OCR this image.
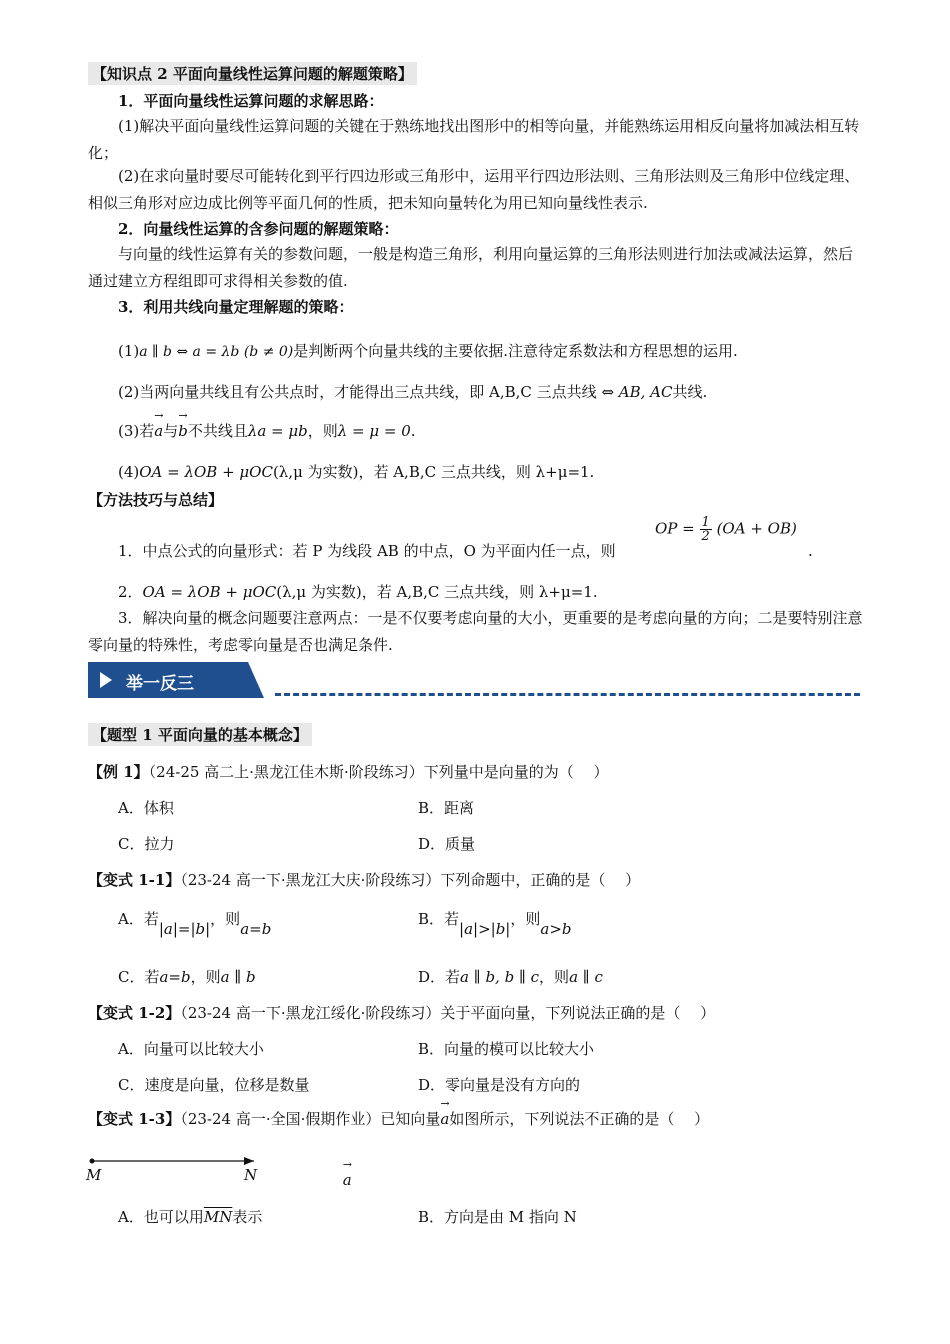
【知识点 2 平面向量线性运算问题的解题策略】
1．平面向量线性运算问题的求解思路：
(1)解决平面向量线性运算问题的关键在于熟练地找出图形中的相等向量，并能熟练运用相反向量将加减法相互转化；
(2)在求向量时要尽可能转化到平行四边形或三角形中，运用平行四边形法则、三角形法则及三角形中位线定理、相似三角形对应边成比例等平面几何的性质，把未知向量转化为用已知向量线性表示.
2．向量线性运算的含参问题的解题策略：
与向量的线性运算有关的参数问题，一般是构造三角形，利用向量运算的三角形法则进行加法或减法运算，然后通过建立方程组即可求得相关参数的值.
3．利用共线向量定理解题的策略：
(1)a ∥ b ⇔ a = λb (b ≠ 0)是判断两个向量共线的主要依据.注意待定系数法和方程思想的运用.
(2)当两向量共线且有公共点时，才能得出三点共线，即 A,B,C 三点共线 ⇔ AB, AC共线.
(3)若→ a与→ b不共线且λa = μb，则λ = μ = 0.
(4)OA = λOB + μOC(λ,μ 为实数)，若 A,B,C 三点共线，则 λ+μ=1.
【方法技巧与总结】
1．中点公式的向量形式：若 P 为线段 AB 的中点，O 为平面内任一点，则
OP = $\frac{1}{2} (OA + OB)$
.
2．OA = λOB + μOC(λ,μ 为实数)，若 A,B,C 三点共线，则 λ+μ=1.
3．解决向量的概念问题要注意两点：一是不仅要考虑向量的大小，更重要的是考虑向量的方向；二是要特别注意零向量的特殊性，考虑零向量是否也满足条件.
举一反三
【题型 1 平面向量的基本概念】
【例 1】（24-25 高二上·黑龙江佳木斯·阶段练习）下列量中是向量的为（　 ）
A．体积	B．距离
C．拉力	D．质量
【变式 1-1】（23-24 高一下·黑龙江大庆·阶段练习）下列命题中，正确的是（　 ）
A．若|a|=|b|，则a=b
B．若|a|>|b|，则a>b
C．若a=b，则a ∥ b	D．若a ∥ b, b ∥ c，则a ∥ c
【变式 1-2】（23-24 高一下·黑龙江绥化·阶段练习）关于平面向量，下列说法正确的是（　 ）
A．向量可以比较大小	B．向量的模可以比较大小
C．速度是向量，位移是数量	D．零向量是没有方向的
【变式 1-3】（23-24 高一·全国·假期作业）已知向量→ a如图所示，下列说法不正确的是（　 ）
→ a
M	N
A．也可以用$\overline{MN}$表示	B．方向是由 M 指向 N
